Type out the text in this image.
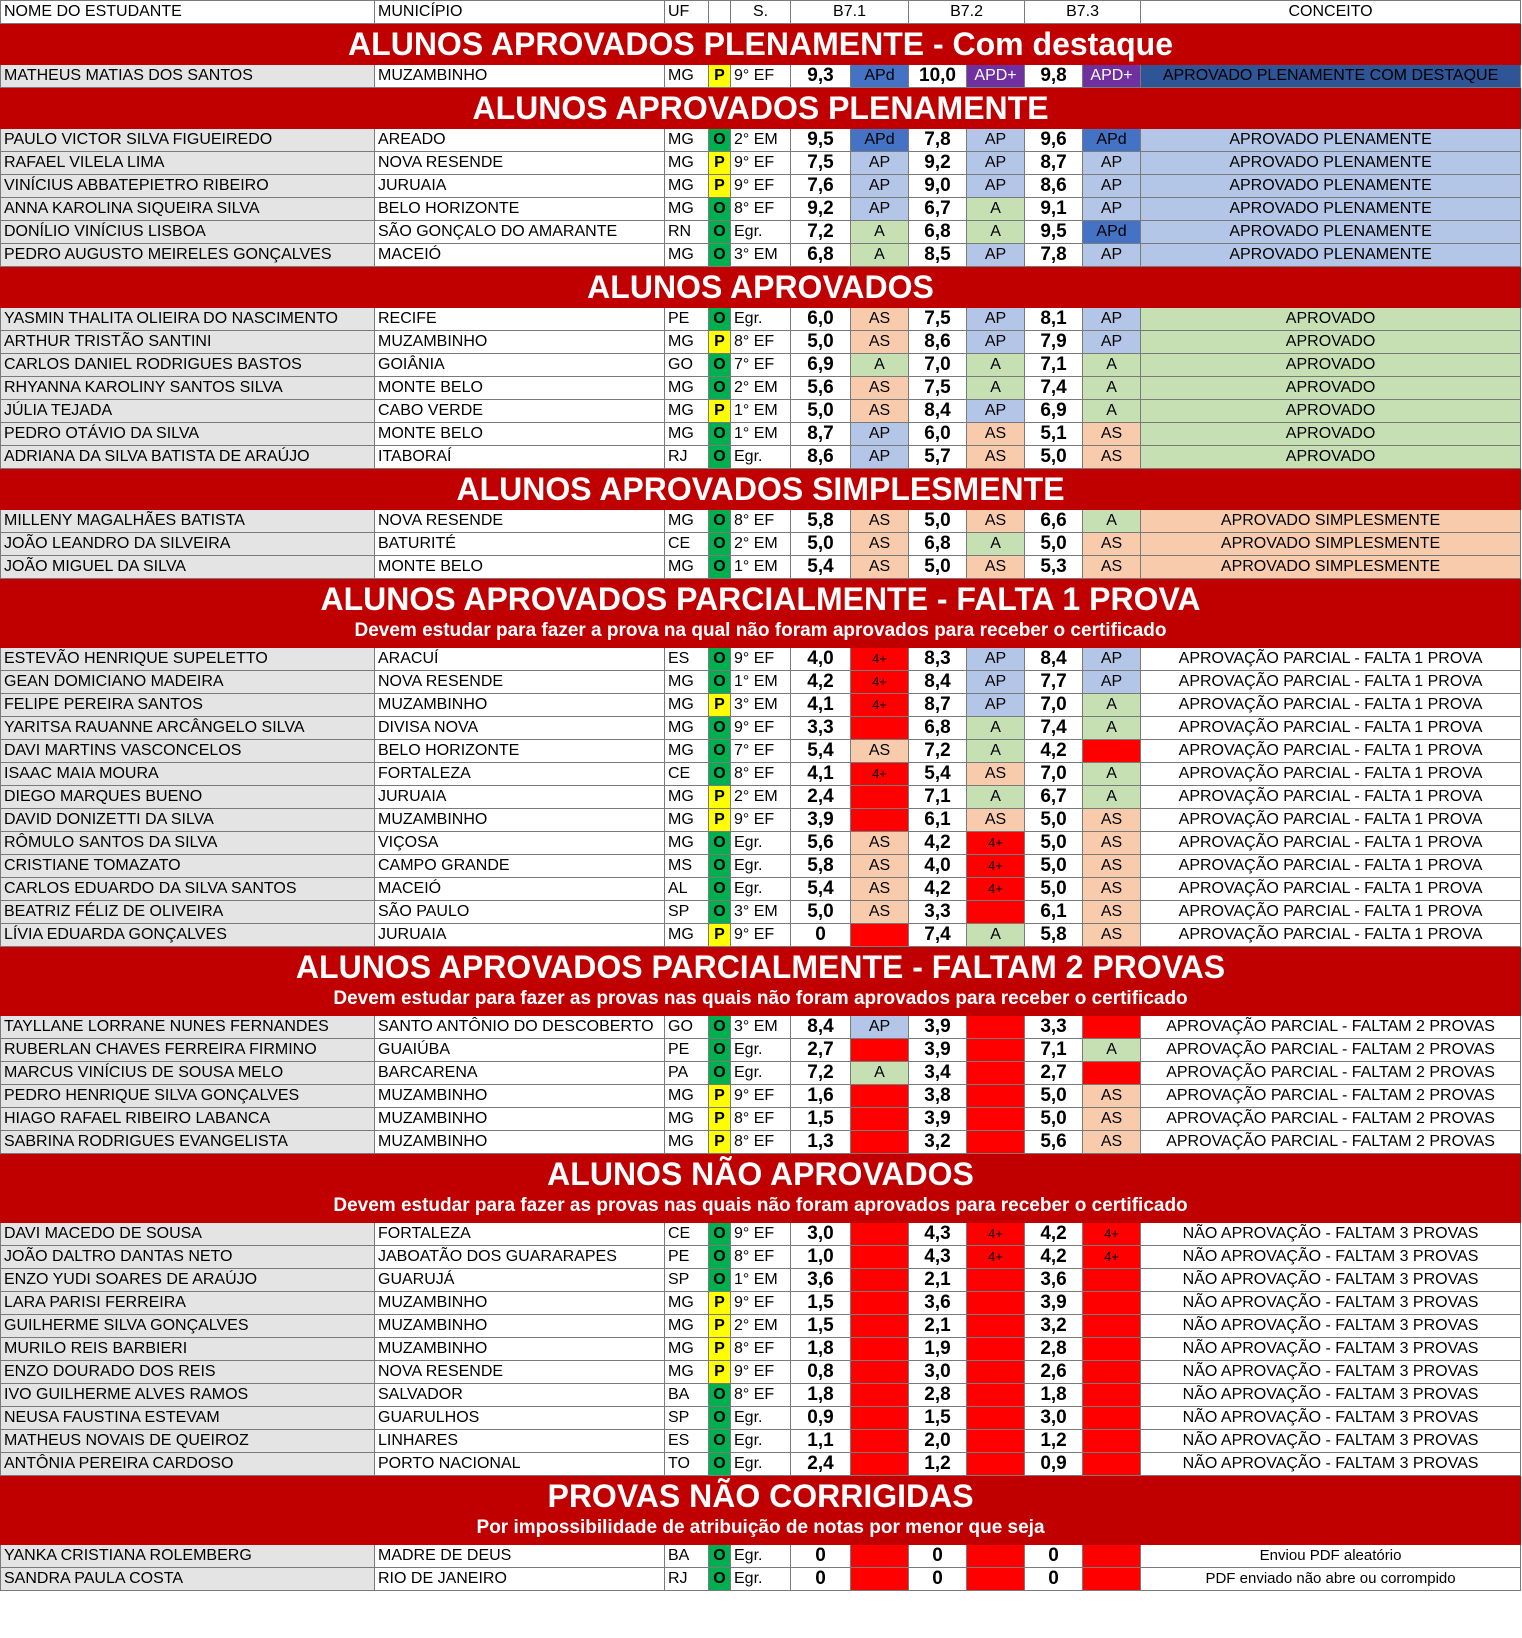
NOME DO ESTUDANTE	MUNICÍPIO	UF		S.	B7.1		B7.2		B7.3		CONCEITO

ALUNOS APROVADOS PLENAMENTE - Com destaque											

MATHEUS MATIAS DOS SANTOS	MUZAMBINHO	MG	P	9° EF	9,3	APd	10,0	APD+	9,8	APD+	APROVADO PLENAMENTE COM DESTAQUE

ALUNOS APROVADOS PLENAMENTE											

PAULO VICTOR SILVA FIGUEIREDO	AREADO	MG	O	2° EM	9,5	APd	7,8	AP	9,6	APd	APROVADO PLENAMENTE
RAFAEL VILELA LIMA	NOVA RESENDE	MG	P	9° EF	7,5	AP	9,2	AP	8,7	AP	APROVADO PLENAMENTE
VINÍCIUS ABBATEPIETRO RIBEIRO	JURUAIA	MG	P	9° EF	7,6	AP	9,0	AP	8,6	AP	APROVADO PLENAMENTE
ANNA KAROLINA SIQUEIRA SILVA	BELO HORIZONTE	MG	O	8° EF	9,2	AP	6,7	A	9,1	AP	APROVADO PLENAMENTE
DONÍLIO VINÍCIUS LISBOA	SÃO GONÇALO DO AMARANTE	RN	O	Egr.	7,2	A	6,8	A	9,5	APd	APROVADO PLENAMENTE
PEDRO AUGUSTO MEIRELES GONÇALVES	MACEIÓ	MG	O	3° EM	6,8	A	8,5	AP	7,8	AP	APROVADO PLENAMENTE

ALUNOS APROVADOS											

YASMIN THALITA OLIEIRA DO NASCIMENTO	RECIFE	PE	O	Egr.	6,0	AS	7,5	AP	8,1	AP	APROVADO
ARTHUR TRISTÃO SANTINI	MUZAMBINHO	MG	P	8° EF	5,0	AS	8,6	AP	7,9	AP	APROVADO
CARLOS DANIEL RODRIGUES BASTOS	GOIÂNIA	GO	O	7° EF	6,9	A	7,0	A	7,1	A	APROVADO
RHYANNA KAROLINY SANTOS SILVA	MONTE BELO	MG	O	2° EM	5,6	AS	7,5	A	7,4	A	APROVADO
JÚLIA TEJADA	CABO VERDE	MG	P	1° EM	5,0	AS	8,4	AP	6,9	A	APROVADO
PEDRO OTÁVIO DA SILVA	MONTE BELO	MG	O	1° EM	8,7	AP	6,0	AS	5,1	AS	APROVADO
ADRIANA DA SILVA BATISTA DE ARAÚJO	ITABORAÍ	RJ	O	Egr.	8,6	AP	5,7	AS	5,0	AS	APROVADO

ALUNOS APROVADOS SIMPLESMENTE											

MILLENY MAGALHÃES BATISTA	NOVA RESENDE	MG	O	8° EF	5,8	AS	5,0	AS	6,6	A	APROVADO SIMPLESMENTE
JOÃO LEANDRO DA SILVEIRA	BATURITÉ	CE	O	2° EM	5,0	AS	6,8	A	5,0	AS	APROVADO SIMPLESMENTE
JOÃO MIGUEL DA SILVA	MONTE BELO	MG	O	1° EM	5,4	AS	5,0	AS	5,3	AS	APROVADO SIMPLESMENTE

ALUNOS APROVADOS PARCIALMENTE - FALTA 1 PROVA
Devem estudar para fazer a prova na qual não foram aprovados para receber o certificado											

ESTEVÃO HENRIQUE SUPELETTO	ARACUÍ	ES	O	9° EF	4,0	4+	8,3	AP	8,4	AP	APROVAÇÃO PARCIAL - FALTA 1 PROVA
GEAN DOMICIANO MADEIRA	NOVA RESENDE	MG	O	1° EM	4,2	4+	8,4	AP	7,7	AP	APROVAÇÃO PARCIAL - FALTA 1 PROVA
FELIPE PEREIRA SANTOS	MUZAMBINHO	MG	P	3° EM	4,1	4+	8,7	AP	7,0	A	APROVAÇÃO PARCIAL - FALTA 1 PROVA
YARITSA RAUANNE ARCÂNGELO SILVA	DIVISA NOVA	MG	O	9° EF	3,3		6,8	A	7,4	A	APROVAÇÃO PARCIAL - FALTA 1 PROVA
DAVI MARTINS VASCONCELOS	BELO HORIZONTE	MG	O	7° EF	5,4	AS	7,2	A	4,2		APROVAÇÃO PARCIAL - FALTA 1 PROVA
ISAAC MAIA MOURA	FORTALEZA	CE	O	8° EF	4,1	4+	5,4	AS	7,0	A	APROVAÇÃO PARCIAL - FALTA 1 PROVA
DIEGO MARQUES BUENO	JURUAIA	MG	P	2° EM	2,4		7,1	A	6,7	A	APROVAÇÃO PARCIAL - FALTA 1 PROVA
DAVID DONIZETTI DA SILVA	MUZAMBINHO	MG	P	9° EF	3,9		6,1	AS	5,0	AS	APROVAÇÃO PARCIAL - FALTA 1 PROVA
RÔMULO SANTOS DA SILVA	VIÇOSA	MG	O	Egr.	5,6	AS	4,2	4+	5,0	AS	APROVAÇÃO PARCIAL - FALTA 1 PROVA
CRISTIANE TOMAZATO	CAMPO GRANDE	MS	O	Egr.	5,8	AS	4,0	4+	5,0	AS	APROVAÇÃO PARCIAL - FALTA 1 PROVA
CARLOS EDUARDO DA SILVA SANTOS	MACEIÓ	AL	O	Egr.	5,4	AS	4,2	4+	5,0	AS	APROVAÇÃO PARCIAL - FALTA 1 PROVA
BEATRIZ FÉLIZ DE OLIVEIRA	SÃO PAULO	SP	O	3° EM	5,0	AS	3,3		6,1	AS	APROVAÇÃO PARCIAL - FALTA 1 PROVA
LÍVIA EDUARDA GONÇALVES	JURUAIA	MG	P	9° EF	0		7,4	A	5,8	AS	APROVAÇÃO PARCIAL - FALTA 1 PROVA

ALUNOS APROVADOS PARCIALMENTE - FALTAM 2 PROVAS
Devem estudar para fazer as provas nas quais não foram aprovados para receber o certificado											

TAYLLANE LORRANE NUNES FERNANDES	SANTO ANTÔNIO DO DESCOBERTO	GO	O	3° EM	8,4	AP	3,9		3,3		APROVAÇÃO PARCIAL - FALTAM 2 PROVAS
RUBERLAN CHAVES FERREIRA FIRMINO	GUAIÚBA	PE	O	Egr.	2,7		3,9		7,1	A	APROVAÇÃO PARCIAL - FALTAM 2 PROVAS
MARCUS VINÍCIUS DE SOUSA MELO	BARCARENA	PA	O	Egr.	7,2	A	3,4		2,7		APROVAÇÃO PARCIAL - FALTAM 2 PROVAS
PEDRO HENRIQUE SILVA GONÇALVES	MUZAMBINHO	MG	P	9° EF	1,6		3,8		5,0	AS	APROVAÇÃO PARCIAL - FALTAM 2 PROVAS
HIAGO RAFAEL RIBEIRO LABANCA	MUZAMBINHO	MG	P	8° EF	1,5		3,9		5,0	AS	APROVAÇÃO PARCIAL - FALTAM 2 PROVAS
SABRINA RODRIGUES EVANGELISTA	MUZAMBINHO	MG	P	8° EF	1,3		3,2		5,6	AS	APROVAÇÃO PARCIAL - FALTAM 2 PROVAS

ALUNOS NÃO APROVADOS
Devem estudar para fazer as provas nas quais não foram aprovados para receber o certificado											

DAVI MACEDO DE SOUSA	FORTALEZA	CE	O	9° EF	3,0		4,3	4+	4,2	4+	NÃO APROVAÇÃO - FALTAM 3 PROVAS
JOÃO DALTRO DANTAS NETO	JABOATÃO DOS GUARARAPES	PE	O	8° EF	1,0		4,3	4+	4,2	4+	NÃO APROVAÇÃO - FALTAM 3 PROVAS
ENZO YUDI SOARES DE ARAÚJO	GUARUJÁ	SP	O	1° EM	3,6		2,1		3,6		NÃO APROVAÇÃO - FALTAM 3 PROVAS
LARA PARISI FERREIRA	MUZAMBINHO	MG	P	9° EF	1,5		3,6		3,9		NÃO APROVAÇÃO - FALTAM 3 PROVAS
GUILHERME SILVA GONÇALVES	MUZAMBINHO	MG	P	2° EM	1,5		2,1		3,2		NÃO APROVAÇÃO - FALTAM 3 PROVAS
MURILO REIS BARBIERI	MUZAMBINHO	MG	P	8° EF	1,8		1,9		2,8		NÃO APROVAÇÃO - FALTAM 3 PROVAS
ENZO DOURADO DOS REIS	NOVA RESENDE	MG	P	9° EF	0,8		3,0		2,6		NÃO APROVAÇÃO - FALTAM 3 PROVAS
IVO GUILHERME ALVES RAMOS	SALVADOR	BA	O	8° EF	1,8		2,8		1,8		NÃO APROVAÇÃO - FALTAM 3 PROVAS
NEUSA FAUSTINA ESTEVAM	GUARULHOS	SP	O	Egr.	0,9		1,5		3,0		NÃO APROVAÇÃO - FALTAM 3 PROVAS
MATHEUS NOVAIS DE QUEIROZ	LINHARES	ES	O	Egr.	1,1		2,0		1,2		NÃO APROVAÇÃO - FALTAM 3 PROVAS
ANTÔNIA PEREIRA CARDOSO	PORTO NACIONAL	TO	O	Egr.	2,4		1,2		0,9		NÃO APROVAÇÃO - FALTAM 3 PROVAS

PROVAS NÃO CORRIGIDAS
Por impossibilidade de atribuição de notas por menor que seja											

YANKA CRISTIANA ROLEMBERG	MADRE DE DEUS	BA	O	Egr.	0		0		0		Enviou PDF aleatório
SANDRA PAULA COSTA	RIO DE JANEIRO	RJ	O	Egr.	0		0		0		PDF enviado não abre ou corrompido
